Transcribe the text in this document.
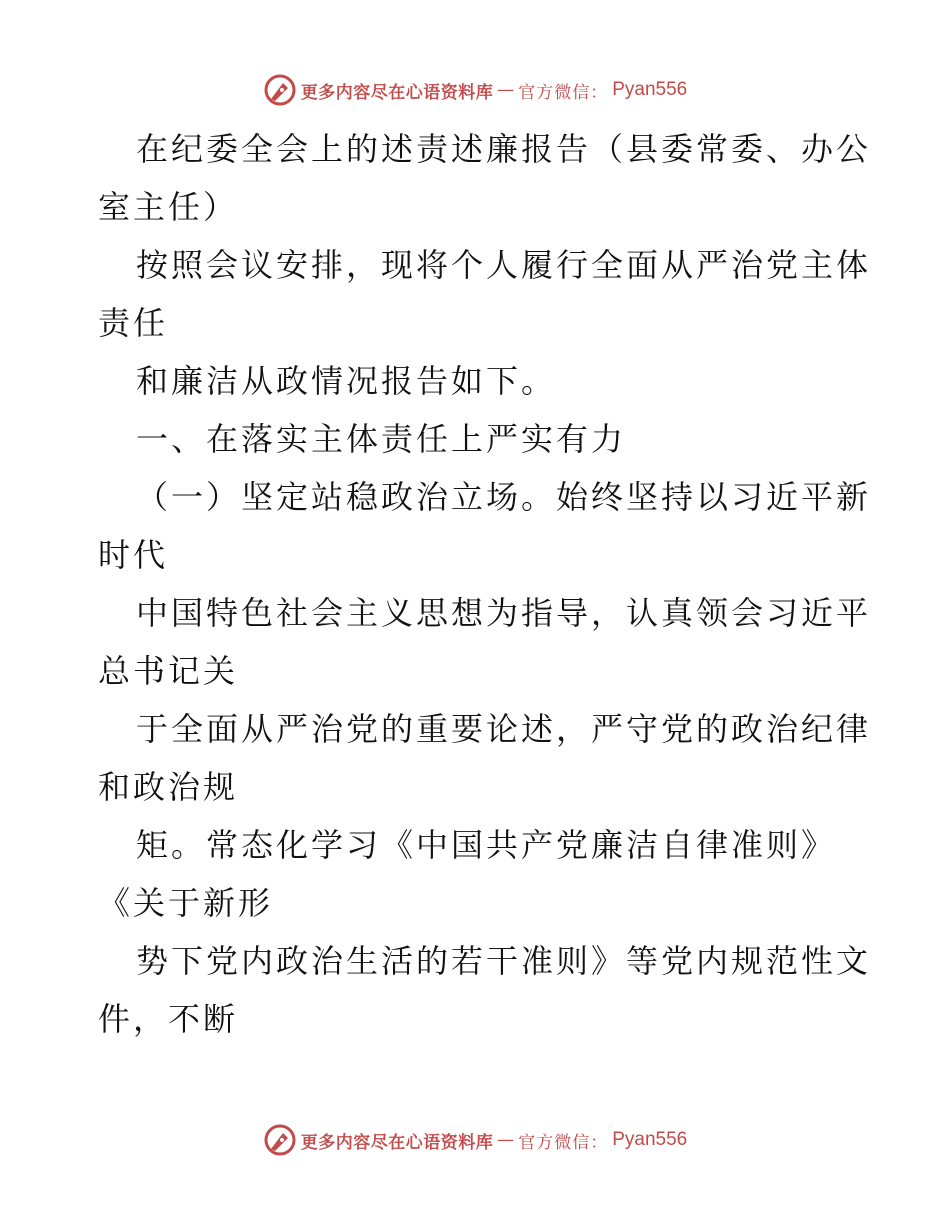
更多内容尽在心语资料库 — 官方微信： Pyan556

在纪委全会上的述责述廉报告（县委常委、办公

室主任）

按照会议安排，现将个人履行全面从严治党主体

责任

和廉洁从政情况报告如下。

一、在落实主体责任上严实有力

（一）坚定站稳政治立场。始终坚持以习近平新

时代

中国特色社会主义思想为指导，认真领会习近平

总书记关

于全面从严治党的重要论述，严守党的政治纪律

和政治规

矩。常态化学习《中国共产党廉洁自律准则》

《关于新形

势下党内政治生活的若干准则》等党内规范性文

件，不断

更多内容尽在心语资料库 — 官方微信： Pyan556
